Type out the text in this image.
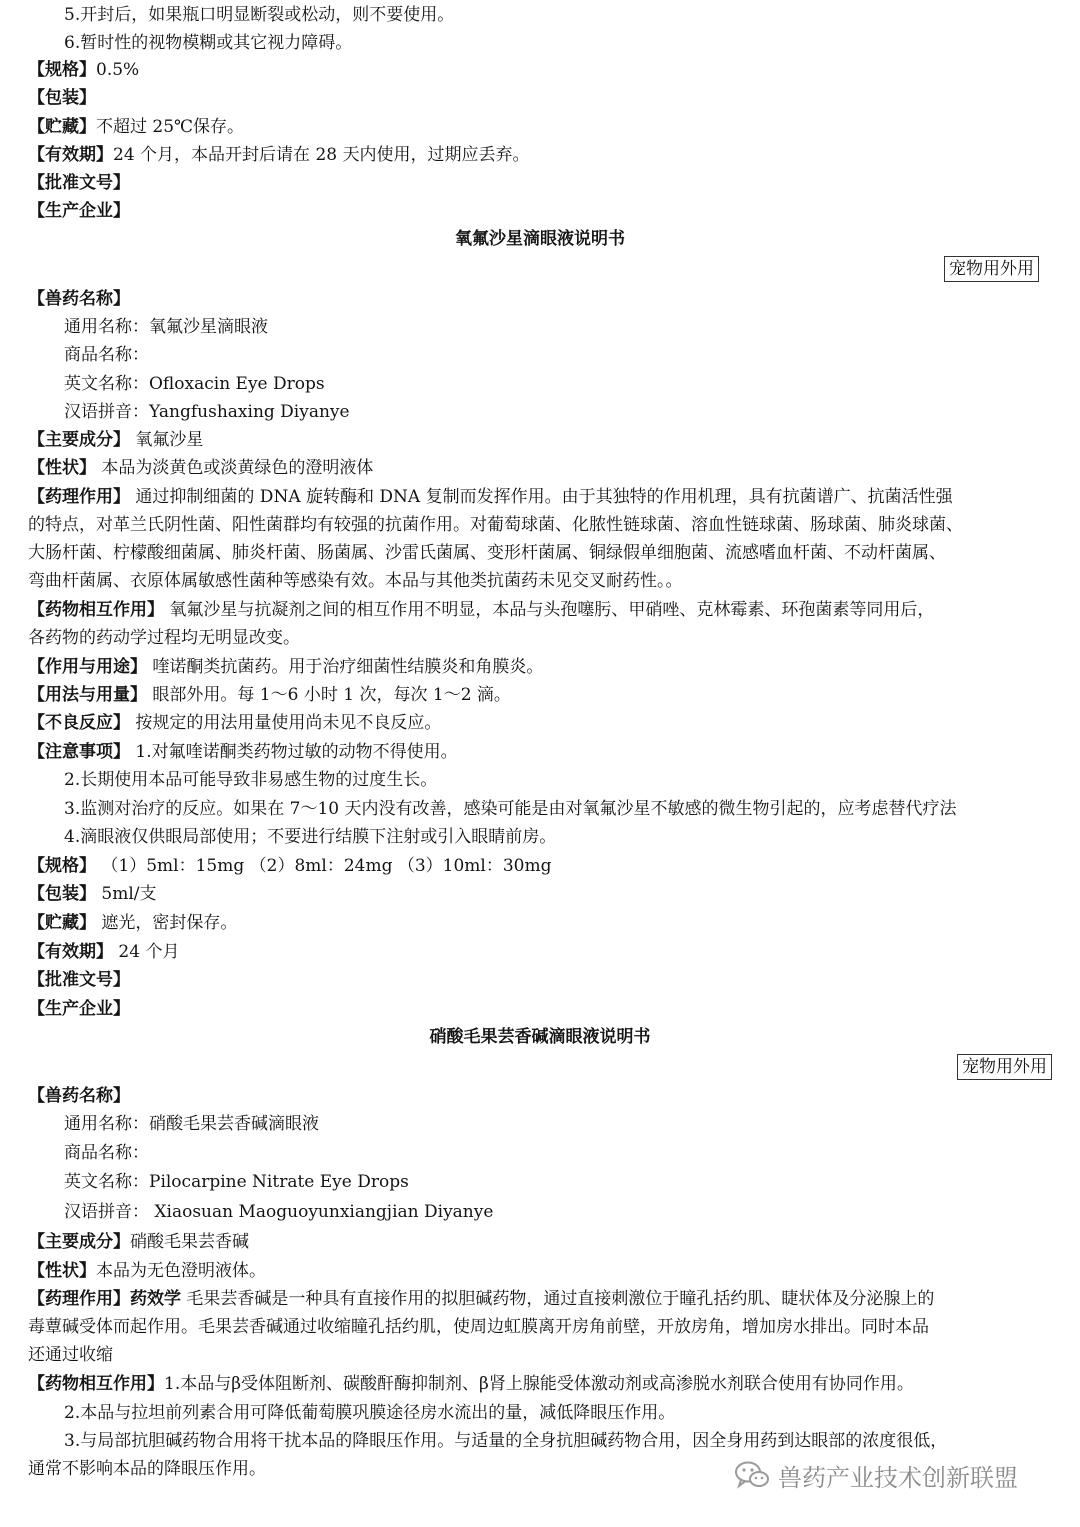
5.开封后，如果瓶口明显断裂或松动，则不要使用。
6.暂时性的视物模糊或其它视力障碍。
【规格】0.5%
【包装】
【贮藏】不超过 25℃保存。
【有效期】24 个月，本品开封后请在 28 天内使用，过期应丢弃。
【批准文号】
【生产企业】
氧氟沙星滴眼液说明书
宠物用外用
【兽药名称】
通用名称：氧氟沙星滴眼液
商品名称：
英文名称：Ofloxacin Eye Drops
汉语拼音：Yangfushaxing Diyanye
【主要成分】 氧氟沙星
【性状】 本品为淡黄色或淡黄绿色的澄明液体
【药理作用】 通过抑制细菌的 DNA 旋转酶和 DNA 复制而发挥作用。由于其独特的作用机理，具有抗菌谱广、抗菌活性强
的特点，对革兰氏阴性菌、阳性菌群均有较强的抗菌作用。对葡萄球菌、化脓性链球菌、溶血性链球菌、肠球菌、肺炎球菌、
大肠杆菌、柠檬酸细菌属、肺炎杆菌、肠菌属、沙雷氏菌属、变形杆菌属、铜绿假单细胞菌、流感嗜血杆菌、不动杆菌属、
弯曲杆菌属、衣原体属敏感性菌种等感染有效。本品与其他类抗菌药未见交叉耐药性。。
【药物相互作用】 氧氟沙星与抗凝剂之间的相互作用不明显，本品与头孢噻肟、甲硝唑、克林霉素、环孢菌素等同用后，
各药物的药动学过程均无明显改变。
【作用与用途】 喹诺酮类抗菌药。用于治疗细菌性结膜炎和角膜炎。
【用法与用量】 眼部外用。每 1～6 小时 1 次，每次 1～2 滴。
【不良反应】 按规定的用法用量使用尚未见不良反应。
【注意事项】 1.对氟喹诺酮类药物过敏的动物不得使用。
2.长期使用本品可能导致非易感生物的过度生长。
3.监测对治疗的反应。如果在 7～10 天内没有改善，感染可能是由对氧氟沙星不敏感的微生物引起的，应考虑替代疗法
4.滴眼液仅供眼局部使用；不要进行结膜下注射或引入眼睛前房。
【规格】 （1）5ml：15mg （2）8ml：24mg （3）10ml：30mg
【包装】 5ml/支
【贮藏】 遮光，密封保存。
【有效期】 24 个月
【批准文号】
【生产企业】
硝酸毛果芸香碱滴眼液说明书
宠物用外用
【兽药名称】
通用名称：硝酸毛果芸香碱滴眼液
商品名称：
英文名称：Pilocarpine Nitrate Eye Drops
汉语拼音： Xiaosuan Maoguoyunxiangjian Diyanye
【主要成分】硝酸毛果芸香碱
【性状】本品为无色澄明液体。
【药理作用】药效学 毛果芸香碱是一种具有直接作用的拟胆碱药物，通过直接刺激位于瞳孔括约肌、睫状体及分泌腺上的
毒蕈碱受体而起作用。毛果芸香碱通过收缩瞳孔括约肌，使周边虹膜离开房角前壁，开放房角，增加房水排出。同时本品
还通过收缩
【药物相互作用】1.本品与β受体阻断剂、碳酸酐酶抑制剂、β肾上腺能受体激动剂或高渗脱水剂联合使用有协同作用。
2.本品与拉坦前列素合用可降低葡萄膜巩膜途径房水流出的量，减低降眼压作用。
3.与局部抗胆碱药物合用将干扰本品的降眼压作用。与适量的全身抗胆碱药物合用，因全身用药到达眼部的浓度很低，
通常不影响本品的降眼压作用。	兽药产业技术创新联盟
